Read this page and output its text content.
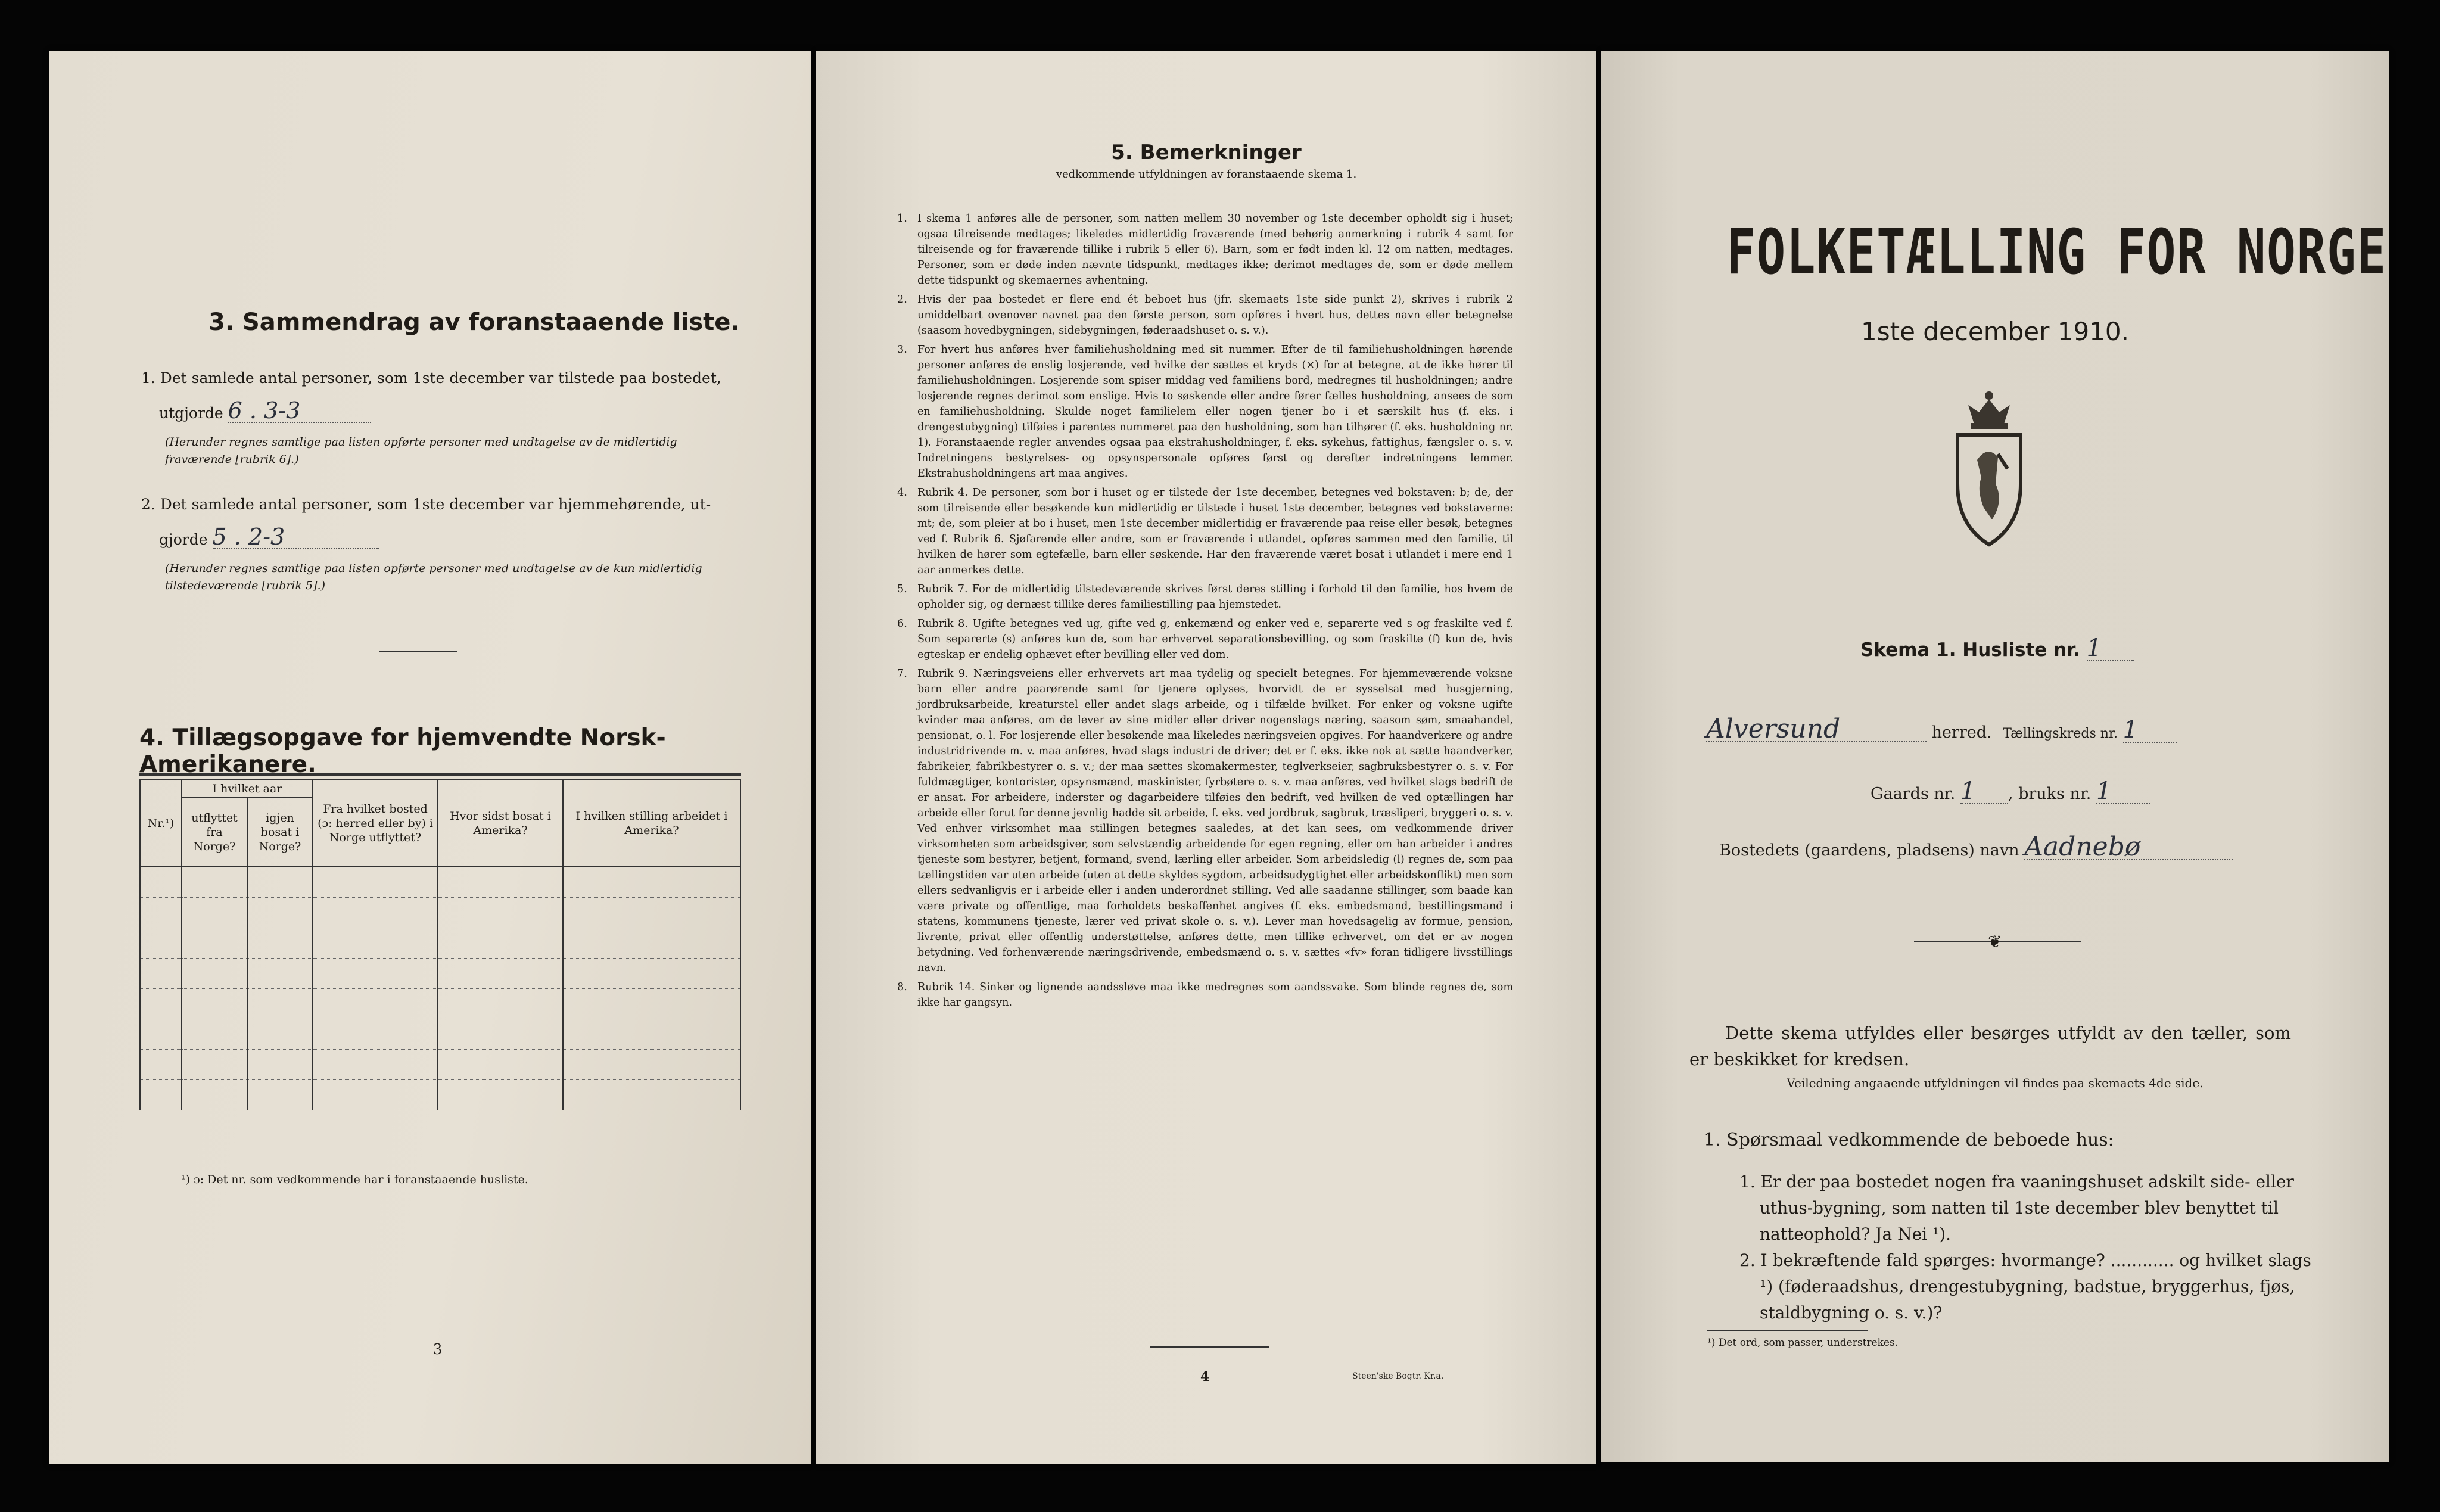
3. Sammendrag av foranstaaende liste.
1. Det samlede antal personer, som 1ste december var tilstede paa bostedet,
utgjorde 6 . 3-3
(Herunder regnes samtlige paa listen opførte personer med undtagelse av de midlertidig fraværende [rubrik 6].)
2. Det samlede antal personer, som 1ste december var hjemmehørende, ut-
gjorde 5 . 2-3
(Herunder regnes samtlige paa listen opførte personer med undtagelse av de kun midlertidig tilstedeværende [rubrik 5].)
4. Tillægsopgave for hjemvendte Norsk-Amerikanere.
Nr.¹)	I hvilket aar		Fra hvilket bosted (ɔ: herred eller by) i Norge utflyttet?	Hvor sidst bosat i Amerika?	I hvilken stilling arbeidet i Amerika?
	utflyttet fra Norge?	igjen bosat i Norge?			

¹) ɔ: Det nr. som vedkommende har i foranstaaende husliste.
3
5. Bemerkninger
vedkommende utfyldningen av foranstaaende skema 1.

1. I skema 1 anføres alle de personer, som natten mellem 30 november og 1ste december opholdt sig i huset; ogsaa tilreisende medtages; likeledes midlertidig fraværende (med behørig anmerkning i rubrik 4 samt for tilreisende og for fraværende tillike i rubrik 5 eller 6). Barn, som er født inden kl. 12 om natten, medtages. Personer, som er døde inden nævnte tidspunkt, medtages ikke; derimot medtages de, som er døde mellem dette tidspunkt og skemaernes avhentning.

2. Hvis der paa bostedet er flere end ét beboet hus (jfr. skemaets 1ste side punkt 2), skrives i rubrik 2 umiddelbart ovenover navnet paa den første person, som opføres i hvert hus, dettes navn eller betegnelse (saasom hovedbygningen, sidebygningen, føderaadshuset o. s. v.).

3. For hvert hus anføres hver familiehusholdning med sit nummer. Efter de til familiehusholdningen hørende personer anføres de enslig losjerende, ved hvilke der sættes et kryds (×) for at betegne, at de ikke hører til familiehusholdningen. Losjerende som spiser middag ved familiens bord, medregnes til husholdningen; andre losjerende regnes derimot som enslige. Hvis to søskende eller andre fører fælles husholdning, ansees de som en familiehusholdning. Skulde noget familielem eller nogen tjener bo i et særskilt hus (f. eks. i drengestubygning) tilføies i parentes nummeret paa den husholdning, som han tilhører (f. eks. husholdning nr. 1). Foranstaaende regler anvendes ogsaa paa ekstrahusholdninger, f. eks. sykehus, fattighus, fængsler o. s. v. Indretningens bestyrelses- og opsynspersonale opføres først og derefter indretningens lemmer. Ekstrahusholdningens art maa angives.

4. Rubrik 4. De personer, som bor i huset og er tilstede der 1ste december, betegnes ved bokstaven: b; de, der som tilreisende eller besøkende kun midlertidig er tilstede i huset 1ste december, betegnes ved bokstaverne: mt; de, som pleier at bo i huset, men 1ste december midlertidig er fraværende paa reise eller besøk, betegnes ved f. Rubrik 6. Sjøfarende eller andre, som er fraværende i utlandet, opføres sammen med den familie, til hvilken de hører som egtefælle, barn eller søskende. Har den fraværende været bosat i utlandet i mere end 1 aar anmerkes dette.

5. Rubrik 7. For de midlertidig tilstedeværende skrives først deres stilling i forhold til den familie, hos hvem de opholder sig, og dernæst tillike deres familiestilling paa hjemstedet.

6. Rubrik 8. Ugifte betegnes ved ug, gifte ved g, enkemænd og enker ved e, separerte ved s og fraskilte ved f. Som separerte (s) anføres kun de, som har erhvervet separationsbevilling, og som fraskilte (f) kun de, hvis egteskap er endelig ophævet efter bevilling eller ved dom.

7. Rubrik 9. Næringsveiens eller erhvervets art maa tydelig og specielt betegnes. For hjemmeværende voksne barn eller andre paarørende samt for tjenere oplyses, hvorvidt de er sysselsat med husgjerning, jordbruksarbeide, kreaturstel eller andet slags arbeide, og i tilfælde hvilket. For enker og voksne ugifte kvinder maa anføres, om de lever av sine midler eller driver nogenslags næring, saasom søm, smaahandel, pensionat, o. l. For losjerende eller besøkende maa likeledes næringsveien opgives. For haandverkere og andre industridrivende m. v. maa anføres, hvad slags industri de driver; det er f. eks. ikke nok at sætte haandverker, fabrikeier, fabrikbestyrer o. s. v.; der maa sættes skomakermester, teglverkseier, sagbruksbestyrer o. s. v. For fuldmægtiger, kontorister, opsynsmænd, maskinister, fyrbøtere o. s. v. maa anføres, ved hvilket slags bedrift de er ansat. For arbeidere, inderster og dagarbeidere tilføies den bedrift, ved hvilken de ved optællingen har arbeide eller forut for denne jevnlig hadde sit arbeide, f. eks. ved jordbruk, sagbruk, træsliperi, bryggeri o. s. v. Ved enhver virksomhet maa stillingen betegnes saaledes, at det kan sees, om vedkommende driver virksomheten som arbeidsgiver, som selvstændig arbeidende for egen regning, eller om han arbeider i andres tjeneste som bestyrer, betjent, formand, svend, lærling eller arbeider. Som arbeidsledig (l) regnes de, som paa tællingstiden var uten arbeide (uten at dette skyldes sygdom, arbeidsudygtighet eller arbeidskonflikt) men som ellers sedvanligvis er i arbeide eller i anden underordnet stilling. Ved alle saadanne stillinger, som baade kan være private og offentlige, maa forholdets beskaffenhet angives (f. eks. embedsmand, bestillingsmand i statens, kommunens tjeneste, lærer ved privat skole o. s. v.). Lever man hovedsagelig av formue, pension, livrente, privat eller offentlig understøttelse, anføres dette, men tillike erhvervet, om det er av nogen betydning. Ved forhenværende næringsdrivende, embedsmænd o. s. v. sættes «fv» foran tidligere livsstillings navn.

8. Rubrik 14. Sinker og lignende aandssløve maa ikke medregnes som aandssvake. Som blinde regnes de, som ikke har gangsyn.

4	Steen'ske Bogtr. Kr.a.
FOLKETÆLLING FOR NORGE
1ste december 1910.
Skema 1. Husliste nr. 1
Alversund	herred. Tællingskreds nr. 1
Gaards nr. 1 , bruks nr. 1
Bostedets (gaardens, pladsens) navn Aadnebø
❦
Dette skema utfyldes eller besørges utfyldt av den tæller, som er beskikket for kredsen.
Veiledning angaaende utfyldningen vil findes paa skemaets 4de side.
1. Spørsmaal vedkommende de beboede hus:
1. Er der paa bostedet nogen fra vaaningshuset adskilt side- eller uthus-bygning, som natten til 1ste december blev benyttet til natteophold? Ja Nei ¹).
2. I bekræftende fald spørges: hvormange? ............ og hvilket slags ¹) (føderaadshus, drengestubygning, badstue, bryggerhus, fjøs, staldbygning o. s. v.)?
¹) Det ord, som passer, understrekes.
